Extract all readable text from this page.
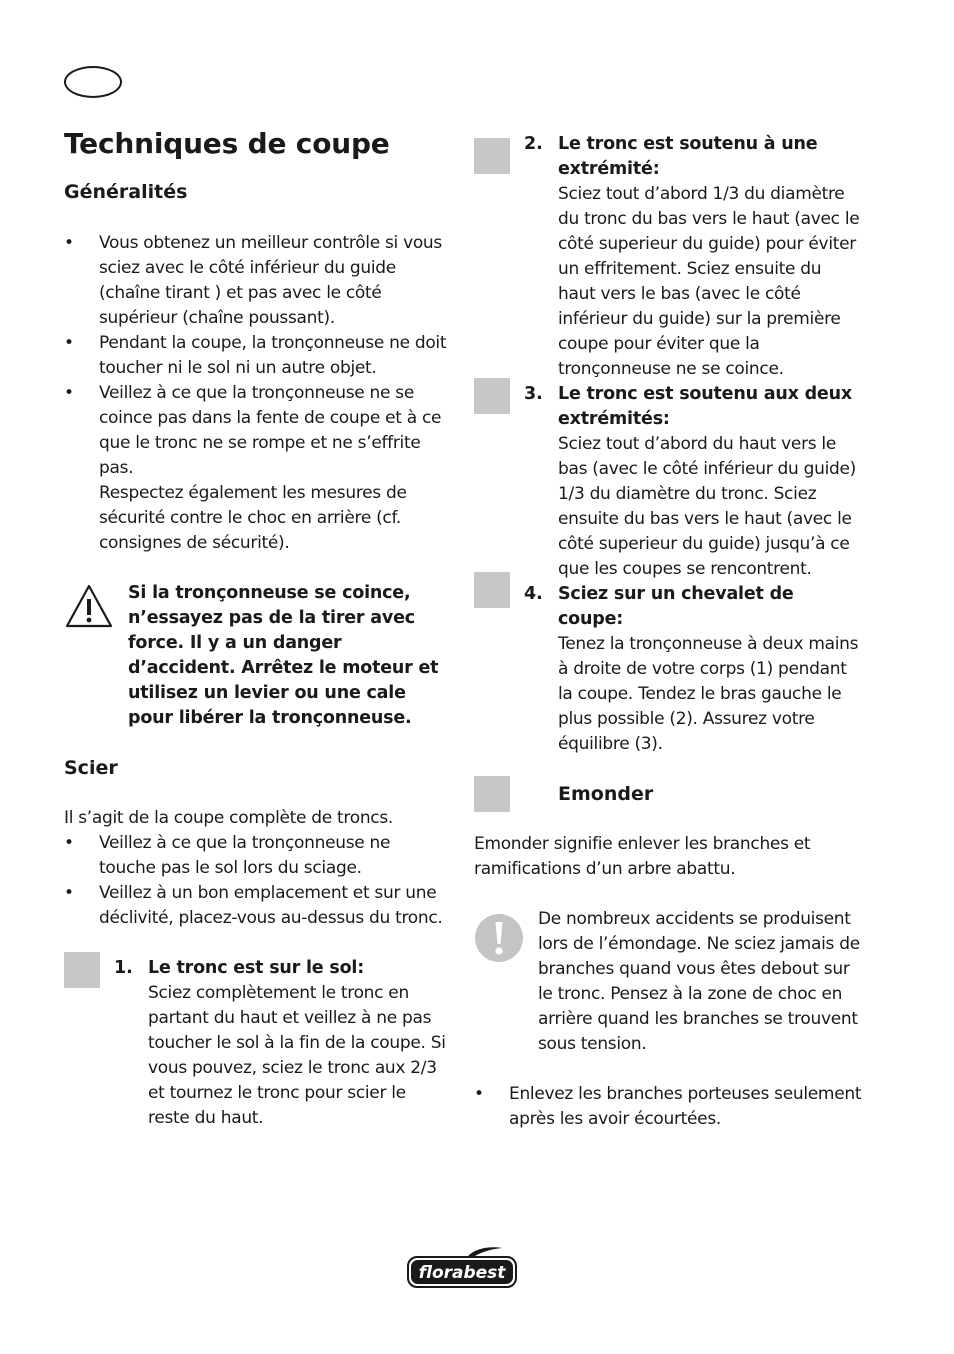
Techniques de coupe
Généralités
• Vous obtenez un meilleur contrôle si vous sciez avec le côté inférieur du guide (chaîne tirant ) et pas avec le côté supérieur (chaîne poussant).
• Pendant la coupe, la tronçonneuse ne doit toucher ni le sol ni un autre objet.
• Veillez à ce que la tronçonneuse ne se coince pas dans la fente de coupe et à ce que le tronc ne se rompe et ne s’effrite pas.
Respectez également les mesures de sécurité contre le choc en arrière (cf. consignes de sécurité).
Si la tronçonneuse se coince, n’essayez pas de la tirer avec force. Il y a un danger d’accident. Arrêtez le moteur et utilisez un levier ou une cale pour libérer la tronçonneuse.
Scier

Il s’agit de la coupe complète de troncs.

• Veillez à ce que la tronçonneuse ne touche pas le sol lors du sciage.
• Veillez à un bon emplacement et sur une déclivité, placez-vous au-dessus du tronc.
1. Le tronc est sur le sol:
Sciez complètement le tronc en partant du haut et veillez à ne pas toucher le sol à la fin de la coupe. Si vous pouvez, sciez le tronc aux 2/3 et tournez le tronc pour scier le reste du haut.
2. Le tronc est soutenu à une extrémité:
Sciez tout d’abord 1/3 du diamètre du tronc du bas vers le haut (avec le côté superieur du guide) pour éviter un effritement. Sciez ensuite du haut vers le bas (avec le côté inférieur du guide) sur la première coupe pour éviter que la tronçonneuse ne se coince.
3. Le tronc est soutenu aux deux extrémités:
Sciez tout d’abord du haut vers le bas (avec le côté inférieur du guide) 1/3 du diamètre du tronc. Sciez ensuite du bas vers le haut (avec le côté superieur du guide) jusqu’à ce que les coupes se rencontrent.
4. Sciez sur un chevalet de coupe:
Tenez la tronçonneuse à deux mains à droite de votre corps (1) pendant la coupe. Tendez le bras gauche le plus possible (2). Assurez votre équilibre (3).
Emonder

Emonder signifie enlever les branches et ramifications d’un arbre abattu.

De nombreux accidents se produisent lors de l’émondage. Ne sciez jamais de branches quand vous êtes debout sur le tronc. Pensez à la zone de choc en arrière quand les branches se trouvent sous tension.
• Enlevez les branches porteuses seulement après les avoir écourtées.
florabest
